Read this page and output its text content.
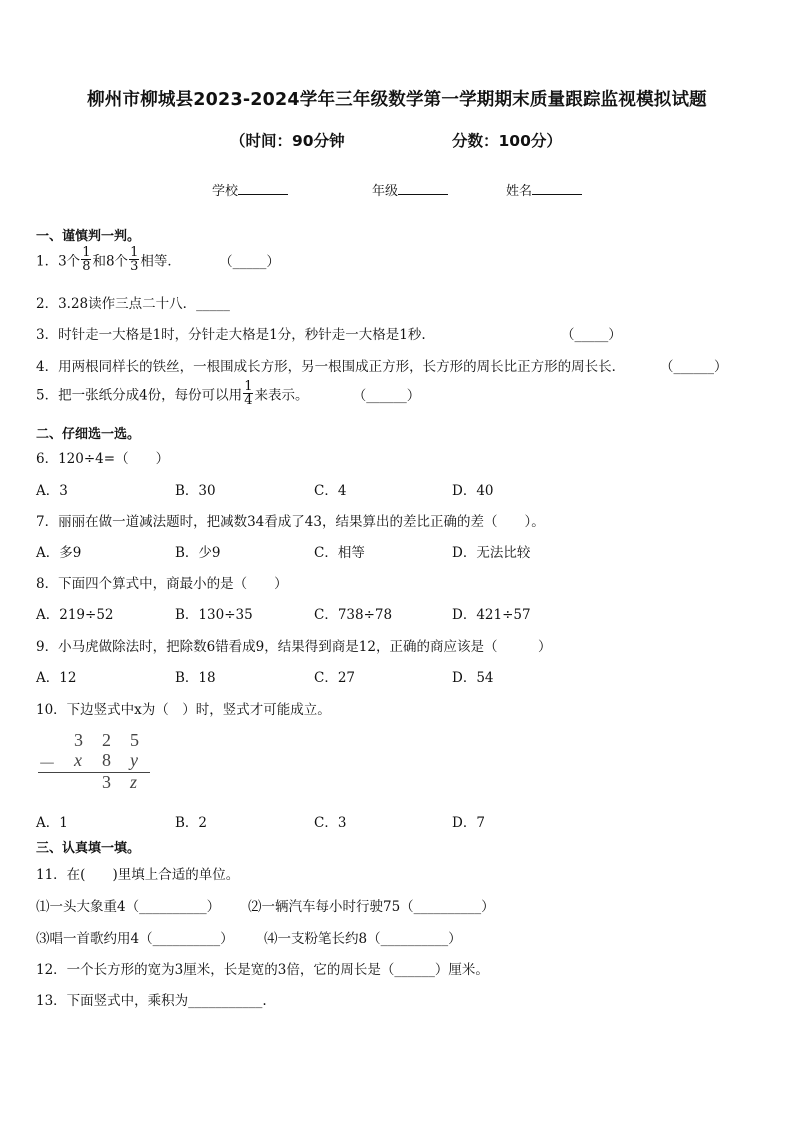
柳州市柳城县2023-2024学年三年级数学第一学期期末质量跟踪监视模拟试题
（时间：90分钟	分数：100分）
学校	年级	姓名
一、谨慎判一判。
1．3个 $\frac{1}{8}$ 和8个 $\frac{1}{3}$ 相等．	（_____）
2．3.28读作三点二十八．_____
3．时针走一大格是1时，分针走大格是1分，秒针走一大格是1秒.	（_____）
4．用两根同样长的铁丝，一根围成长方形，另一根围成正方形，长方形的周长比正方形的周长长．	（______）
5．把一张纸分成4份，每份可以用 $\frac{1}{4}$ 来表示。	（______）
二、仔细选一选。
6．120÷4=（　　）
A．3	B．30	C．4	D．40
7．丽丽在做一道减法题时，把减数34看成了43，结果算出的差比正确的差（　　）。
A．多9	B．少9	C．相等	D．无法比较
8．下面四个算式中，商最小的是（　　）
A．219÷52	B．130÷35	C．738÷78	D．421÷57
9．小马虎做除法时，把除数6错看成9，结果得到商是12，正确的商应该是（　　　）
A．12	B．18	C．27	D．54
10．下边竖式中x为（　）时，竖式才可能成立。
3 2 5
－ x 8 y
3 z
A．1	B．2	C．3	D．7
三、认真填一填。
11．在(　　)里填上合适的单位。
⑴一头大象重4（__________） ⑵一辆汽车每小时行驶75（__________）
⑶唱一首歌约用4（__________） ⑷一支粉笔长约8（__________）
12．一个长方形的宽为3厘米，长是宽的3倍，它的周长是（______）厘米。
13．下面竖式中，乘积为___________.
